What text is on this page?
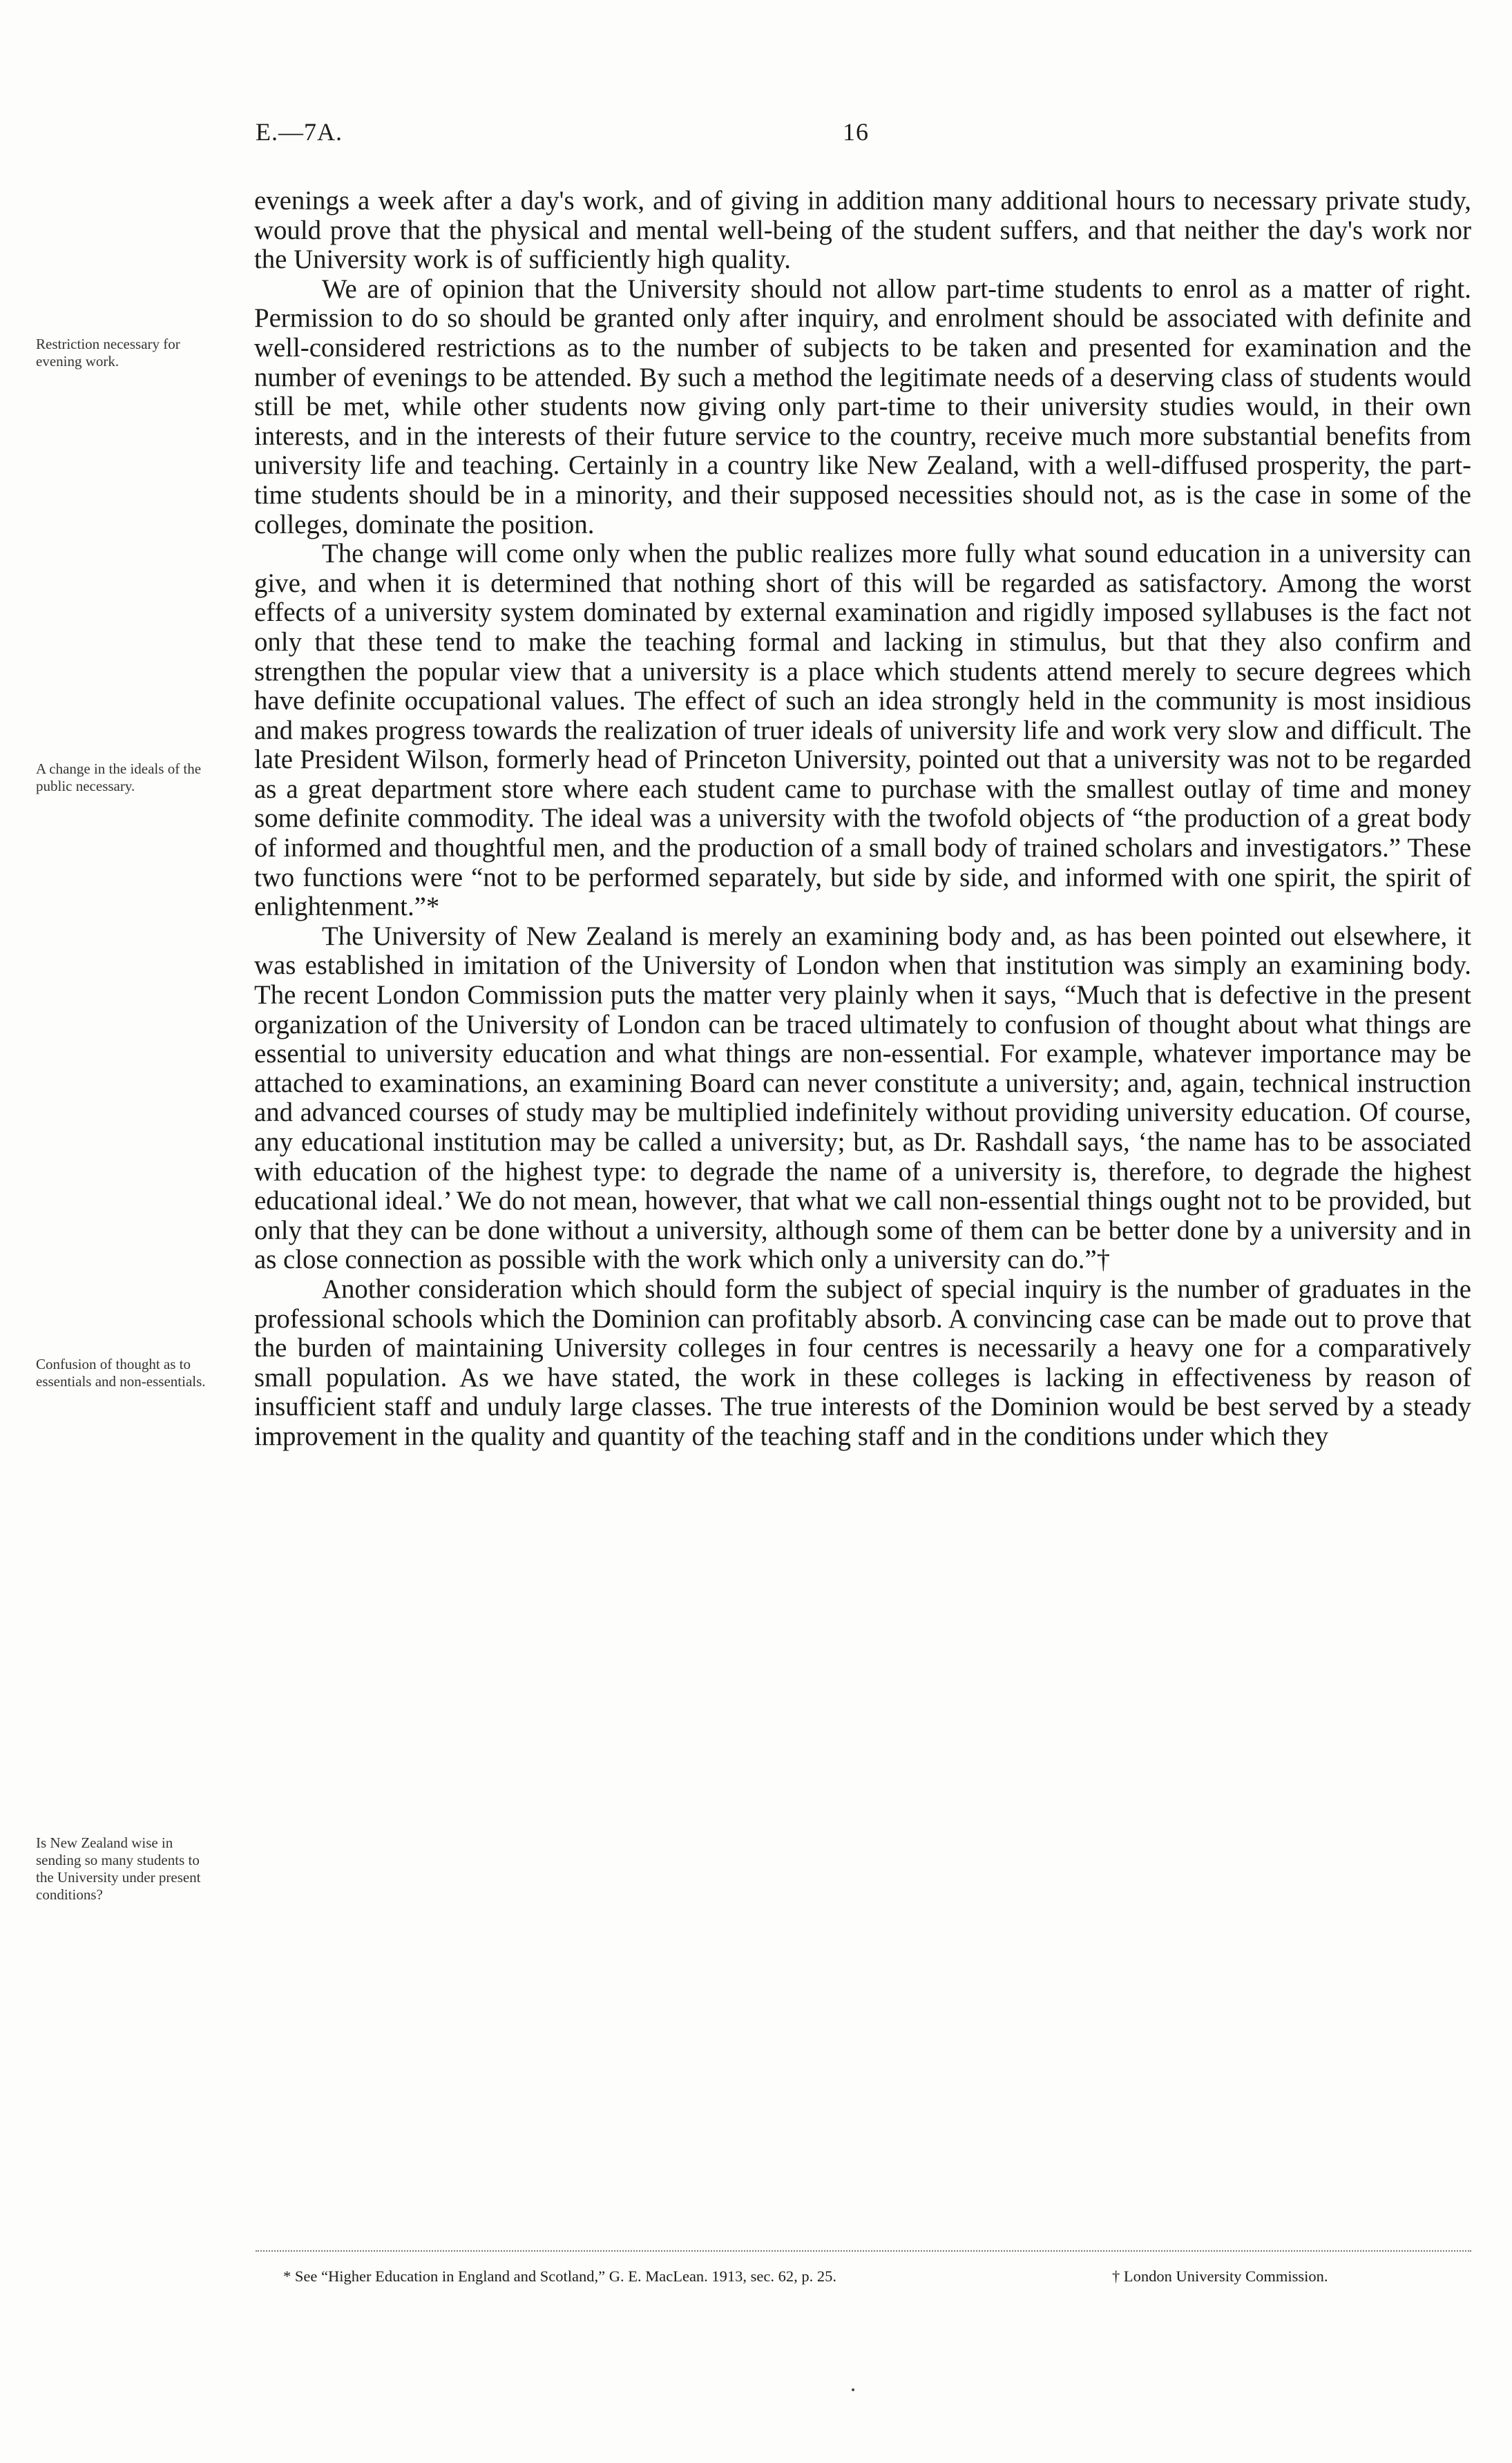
E.—7A.	16
Restriction necessary for evening work.
A change in the ideals of the public necessary.
Confusion of thought as to essentials and non-essentials.
Is New Zealand wise in sending so many students to the University under present conditions?

evenings a week after a day's work, and of giving in addition many additional hours to necessary private study, would prove that the physical and mental well-being of the student suffers, and that neither the day's work nor the University work is of sufficiently high quality.

We are of opinion that the University should not allow part-time students to enrol as a matter of right. Permission to do so should be granted only after inquiry, and enrolment should be associated with definite and well-considered restrictions as to the number of subjects to be taken and presented for examination and the number of evenings to be attended. By such a method the legitimate needs of a deserving class of students would still be met, while other students now giving only part-time to their university studies would, in their own interests, and in the interests of their future service to the country, receive much more substantial benefits from university life and teaching. Certainly in a country like New Zealand, with a well-diffused prosperity, the part-time students should be in a minority, and their supposed necessities should not, as is the case in some of the colleges, dominate the position.

The change will come only when the public realizes more fully what sound education in a university can give, and when it is determined that nothing short of this will be regarded as satisfactory. Among the worst effects of a university system dominated by external examination and rigidly imposed syllabuses is the fact not only that these tend to make the teaching formal and lacking in stimulus, but that they also confirm and strengthen the popular view that a university is a place which students attend merely to secure degrees which have definite occupational values. The effect of such an idea strongly held in the community is most insidious and makes progress towards the realization of truer ideals of university life and work very slow and difficult. The late President Wilson, formerly head of Princeton University, pointed out that a university was not to be regarded as a great department store where each student came to purchase with the smallest outlay of time and money some definite commodity. The ideal was a university with the twofold objects of “the production of a great body of informed and thoughtful men, and the production of a small body of trained scholars and investigators.” These two functions were “not to be performed separately, but side by side, and informed with one spirit, the spirit of enlightenment.”*

The University of New Zealand is merely an examining body and, as has been pointed out elsewhere, it was established in imitation of the University of London when that institution was simply an examining body. The recent London Commission puts the matter very plainly when it says, “Much that is defective in the present organization of the University of London can be traced ultimately to confusion of thought about what things are essential to university education and what things are non-essential. For example, whatever importance may be attached to examinations, an examining Board can never constitute a university; and, again, technical instruction and advanced courses of study may be multiplied indefinitely without providing university education. Of course, any educational institution may be called a university; but, as Dr. Rashdall says, ‘the name has to be associated with education of the highest type: to degrade the name of a university is, therefore, to degrade the highest educational ideal.’ We do not mean, however, that what we call non-essential things ought not to be provided, but only that they can be done without a university, although some of them can be better done by a university and in as close connection as possible with the work which only a university can do.”†

Another consideration which should form the subject of special inquiry is the number of graduates in the professional schools which the Dominion can profitably absorb. A convincing case can be made out to prove that the burden of maintaining University colleges in four centres is necessarily a heavy one for a comparatively small population. As we have stated, the work in these colleges is lacking in effectiveness by reason of insufficient staff and unduly large classes. The true interests of the Dominion would be best served by a steady improvement in the quality and quantity of the teaching staff and in the conditions under which they

* See “Higher Education in England and Scotland,” G. E. MacLean. 1913, sec. 62, p. 25.	† London University Commission.
